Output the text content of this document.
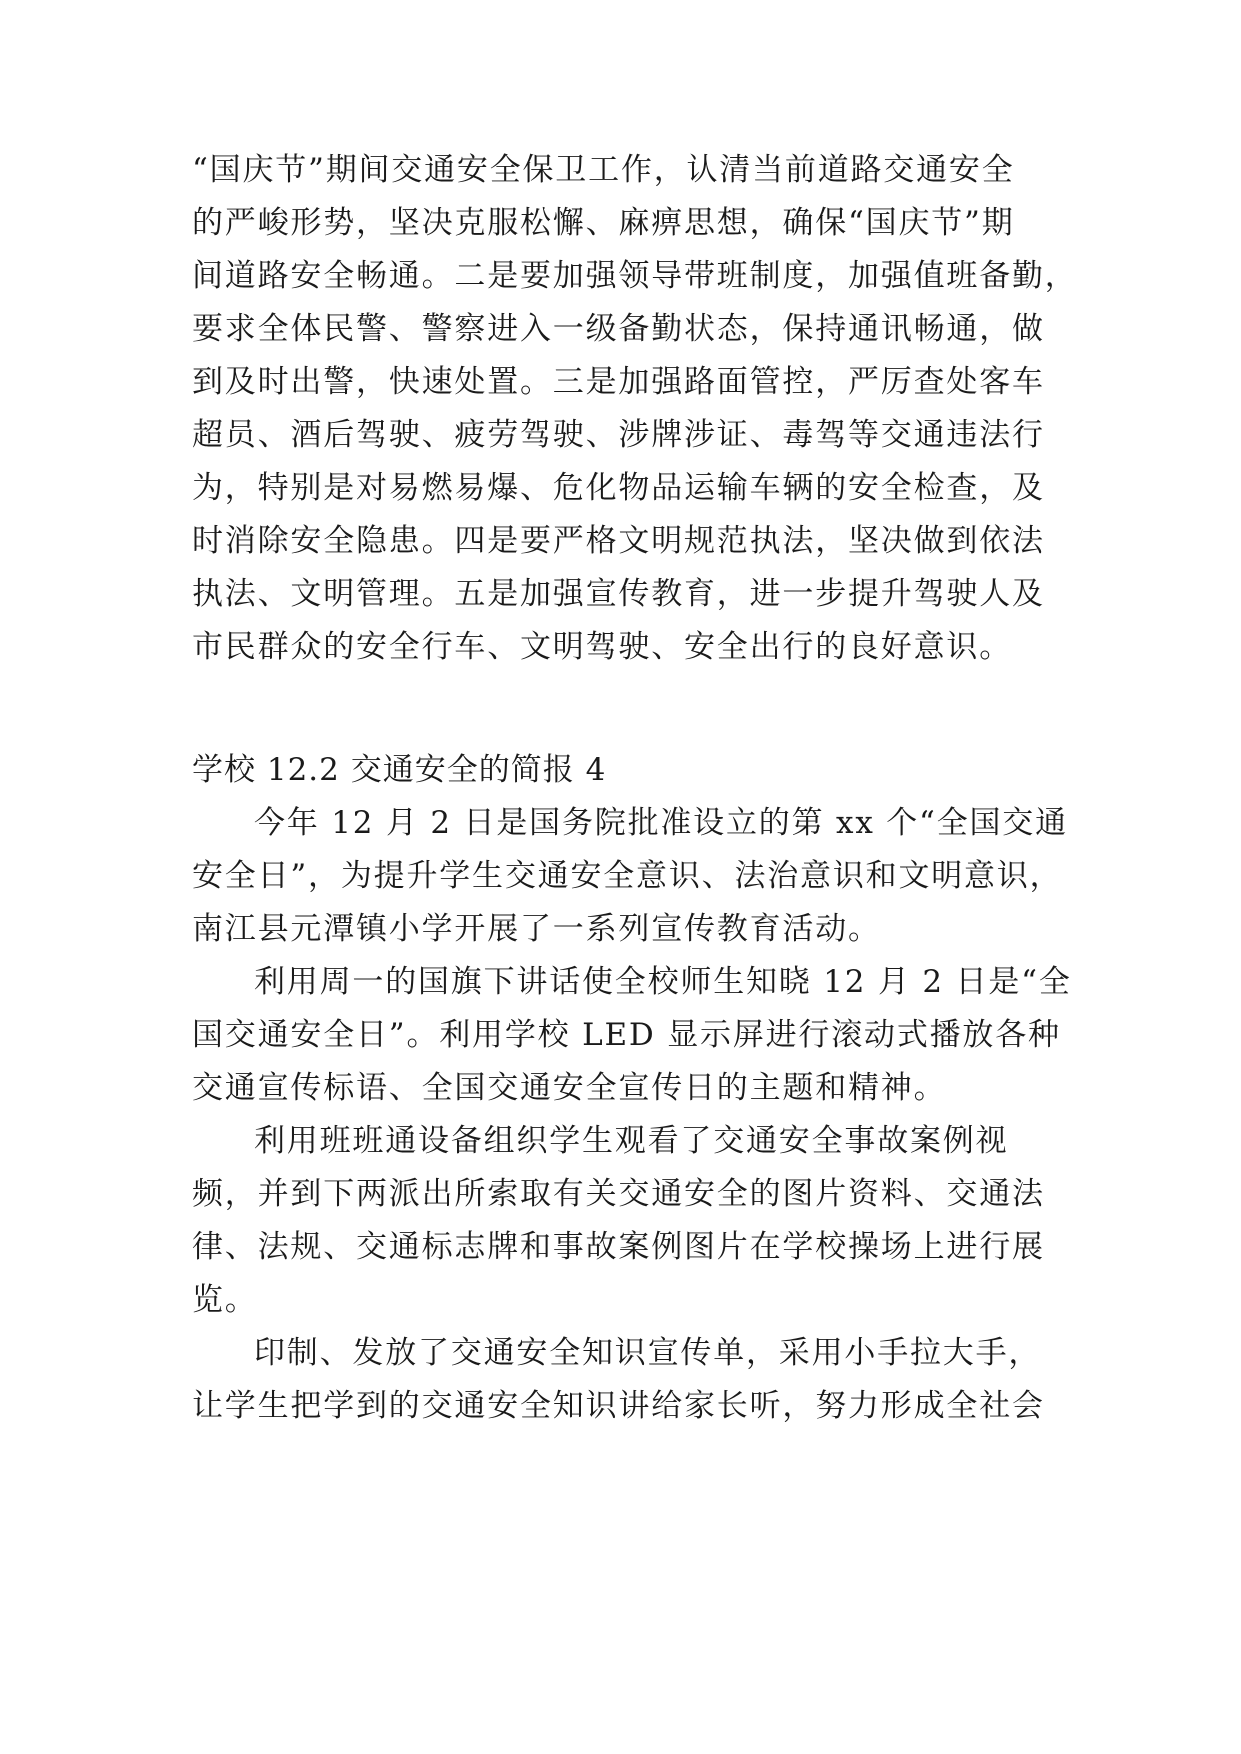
“国庆节”期间交通安全保卫工作，认清当前道路交通安全
的严峻形势，坚决克服松懈、麻痹思想，确保“国庆节”期
间道路安全畅通。二是要加强领导带班制度，加强值班备勤，
要求全体民警、警察进入一级备勤状态，保持通讯畅通，做
到及时出警，快速处置。三是加强路面管控，严厉查处客车
超员、酒后驾驶、疲劳驾驶、涉牌涉证、毒驾等交通违法行
为，特别是对易燃易爆、危化物品运输车辆的安全检查，及
时消除安全隐患。四是要严格文明规范执法，坚决做到依法
执法、文明管理。五是加强宣传教育，进一步提升驾驶人及
市民群众的安全行车、文明驾驶、安全出行的良好意识。
学校 12.2 交通安全的简报 4
今年 12 月 2 日是国务院批准设立的第 xx 个“全国交通
安全日”，为提升学生交通安全意识、法治意识和文明意识，
南江县元潭镇小学开展了一系列宣传教育活动。
利用周一的国旗下讲话使全校师生知晓 12 月 2 日是“全
国交通安全日”。利用学校 LED 显示屏进行滚动式播放各种
交通宣传标语、全国交通安全宣传日的主题和精神。
利用班班通设备组织学生观看了交通安全事故案例视
频，并到下两派出所索取有关交通安全的图片资料、交通法
律、法规、交通标志牌和事故案例图片在学校操场上进行展
览。
印制、发放了交通安全知识宣传单，采用小手拉大手，
让学生把学到的交通安全知识讲给家长听，努力形成全社会
